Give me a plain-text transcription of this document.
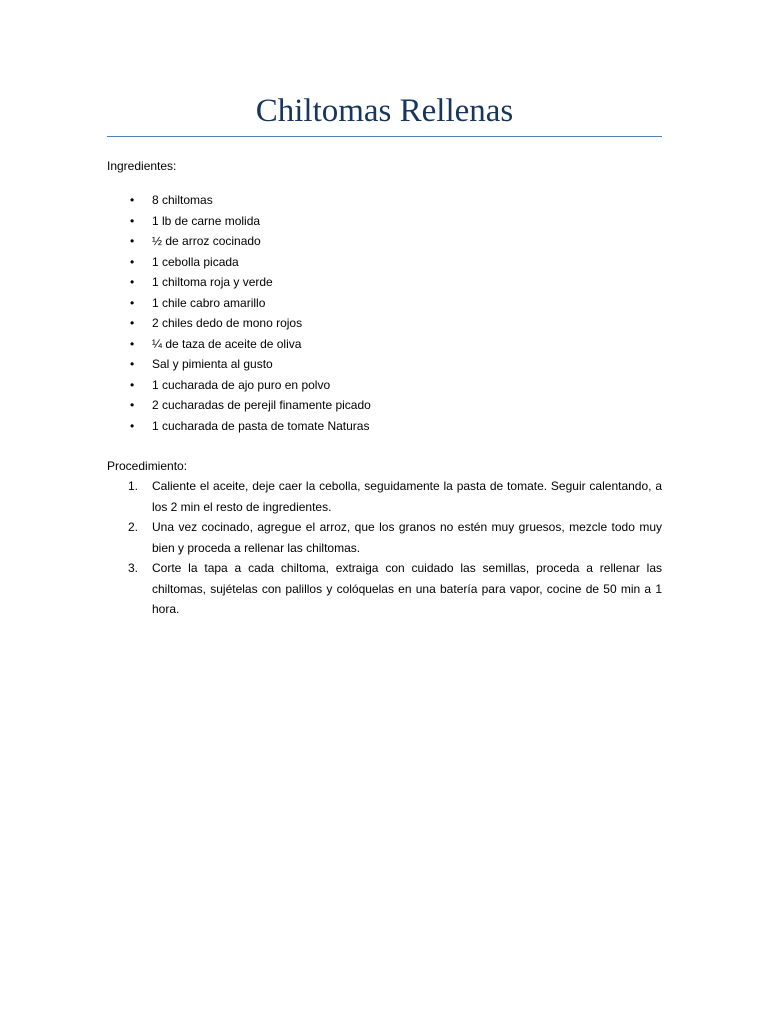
Chiltomas Rellenas

Ingredientes:

• 8 chiltomas
• 1 lb de carne molida
• ½ de arroz cocinado
• 1 cebolla picada
• 1 chiltoma roja y verde
• 1 chile cabro amarillo
• 2 chiles dedo de mono rojos
• ¼ de taza de aceite de oliva
• Sal y pimienta al gusto
• 1 cucharada de ajo puro en polvo
• 2 cucharadas de perejil finamente picado
• 1 cucharada de pasta de tomate Naturas

Procedimiento:

1. Caliente el aceite, deje caer la cebolla, seguidamente la pasta de tomate. Seguir calentando, a los 2 min el resto de ingredientes.
2. Una vez cocinado, agregue el arroz, que los granos no estén muy gruesos, mezcle todo muy bien y proceda a rellenar las chiltomas.
3. Corte la tapa a cada chiltoma, extraiga con cuidado las semillas, proceda a rellenar las chiltomas, sujételas con palillos y colóquelas en una batería para vapor, cocine de 50 min a 1 hora.
